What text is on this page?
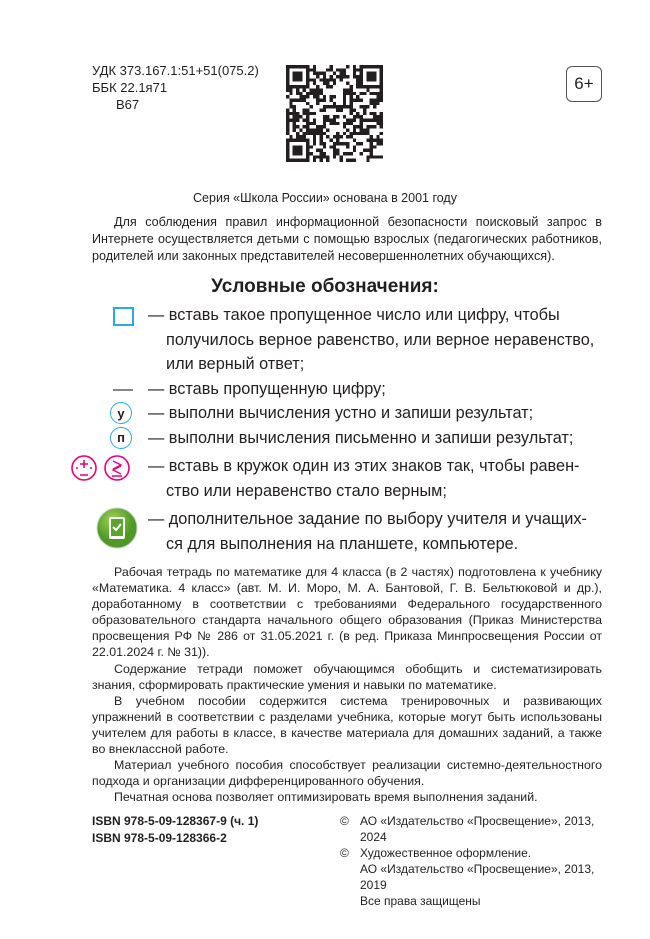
УДК 373.167.1:51+51(075.2)
ББК 22.1я71
В67
6+
Серия «Школа России» основана в 2001 году
Для соблюдения правил информационной безопасности поисковый запрос в Интернете осуществляется детьми с помощью взрослых (педагогических работников, родителей или законных представителей несовершеннолетних обучающихся).
Условные обозначения:
— вставь такое пропущенное число или цифру, чтобы
получилось верное равенство, или верное неравенство,
или верный ответ;
— вставь пропущенную цифру;
у — выполни вычисления устно и запиши результат;
п — выполни вычисления письменно и запиши результат;
— вставь в кружок один из этих знаков так, чтобы равен-
ство или неравенство стало верным;
— дополнительное задание по выбору учителя и учащих-
ся для выполнения на планшете, компьютере.

Рабочая тетрадь по математике для 4 класса (в 2 частях) подготовлена к учебнику «Математика. 4 класс» (авт. М. И. Моро, М. А. Бантовой, Г. В. Бельтюковой и др.), доработанному в соответствии с требованиями Федерального государственного образовательного стандарта начального общего образования (Приказ Министерства просвещения РФ № 286 от 31.05.2021 г. (в ред. Приказа Минпросвещения России от 22.01.2024 г. № 31)).

Содержание тетради поможет обучающимся обобщить и систематизировать знания, сформировать практические умения и навыки по математике.

В учебном пособии содержится система тренировочных и развивающих упражнений в соответствии с разделами учебника, которые могут быть использованы учителем для работы в классе, в качестве материала для домашних заданий, а также во внеклассной работе.

Материал учебного пособия способствует реализации системно-деятельностного подхода и организации дифференцированного обучения.

Печатная основа позволяет оптимизировать время выполнения заданий.

ISBN 978-5-09-128367-9 (ч. 1)
ISBN 978-5-09-128366-2
© АО «Издательство «Просвещение», 2013, 2024
© Художественное оформление.
АО «Издательство «Просвещение», 2013, 2019
Все права защищены
